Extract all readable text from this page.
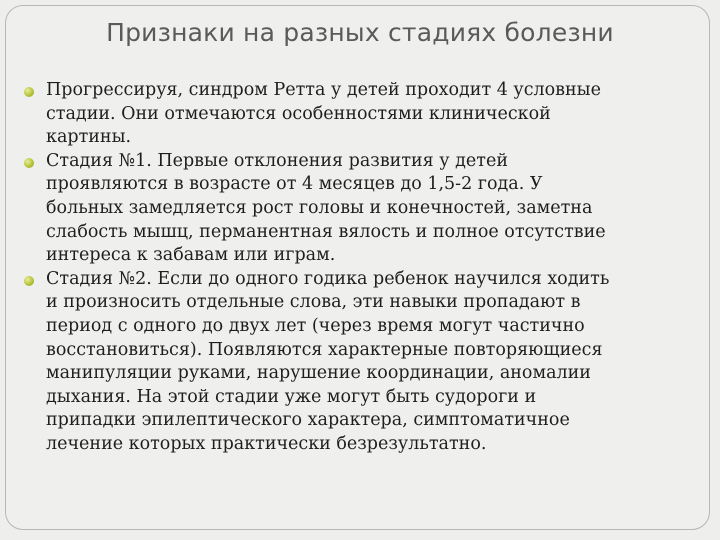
Признаки на разных стадиях болезни
Прогрессируя, синдром Ретта у детей проходит 4 условные
стадии. Они отмечаются особенностями клинической
картины.
Стадия №1. Первые отклонения развития у детей
проявляются в возрасте от 4 месяцев до 1,5-2 года. У
больных замедляется рост головы и конечностей, заметна
слабость мышц, перманентная вялость и полное отсутствие
интереса к забавам или играм.
Стадия №2. Если до одного годика ребенок научился ходить
и произносить отдельные слова, эти навыки пропадают в
период с одного до двух лет (через время могут частично
восстановиться). Появляются характерные повторяющиеся
манипуляции руками, нарушение координации, аномалии
дыхания. На этой стадии уже могут быть судороги и
припадки эпилептического характера, симптоматичное
лечение которых практически безрезультатно.
